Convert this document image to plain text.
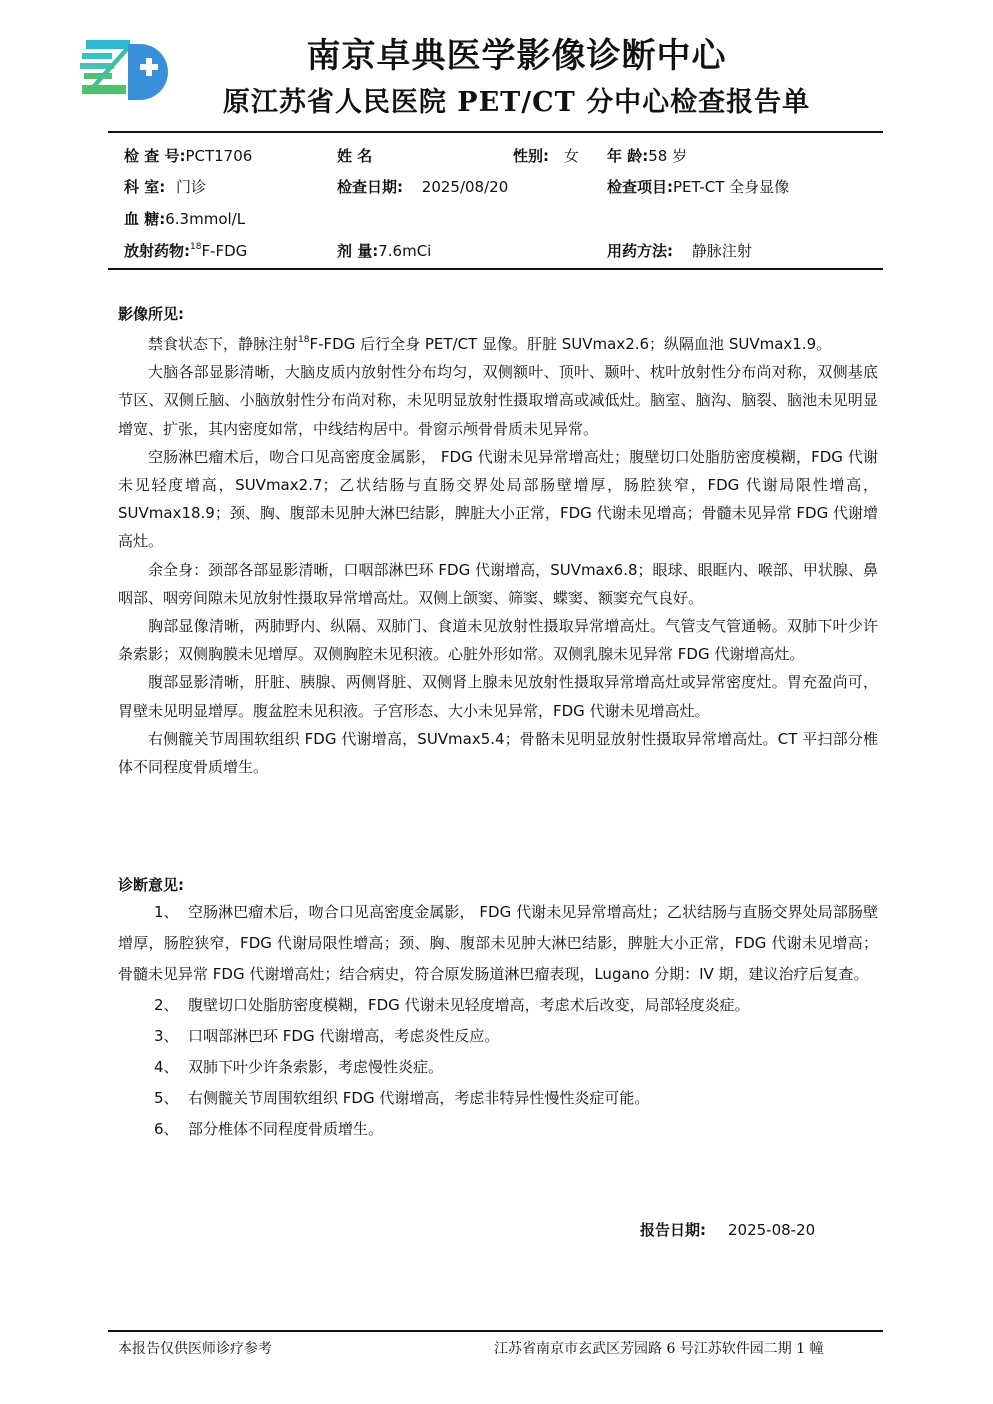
南京卓典医学影像诊断中心
原江苏省人民医院 PET/CT 分中心检查报告单
检 查 号:PCT1706	姓 名	性别: 女 年 龄:58 岁
科 室: 门诊	检查日期: 2025/08/20	检查项目:PET-CT 全身显像
血 糖:6.3mmol/L
放射药物:$^{18}$F-FDG	剂 量:7.6mCi	用药方法: 静脉注射
影像所见:

禁食状态下，静脉注射$^{18}$F-FDG 后行全身 PET/CT 显像。肝脏 SUVmax2.6；纵隔血池 SUVmax1.9。

大脑各部显影清晰，大脑皮质内放射性分布均匀，双侧额叶、顶叶、颞叶、枕叶放射性分布尚对称，双侧基底节区、双侧丘脑、小脑放射性分布尚对称，未见明显放射性摄取增高或减低灶。脑室、脑沟、脑裂、脑池未见明显增宽、扩张，其内密度如常，中线结构居中。骨窗示颅骨骨质未见异常。

空肠淋巴瘤术后，吻合口见高密度金属影， FDG 代谢未见异常增高灶；腹壁切口处脂肪密度模糊，FDG 代谢未见轻度增高，SUVmax2.7；乙状结肠与直肠交界处局部肠壁增厚，肠腔狭窄，FDG 代谢局限性增高，SUVmax18.9；颈、胸、腹部未见肿大淋巴结影，脾脏大小正常，FDG 代谢未见增高；骨髓未见异常 FDG 代谢增高灶。

余全身：颈部各部显影清晰，口咽部淋巴环 FDG 代谢增高，SUVmax6.8；眼球、眼眶内、喉部、甲状腺、鼻咽部、咽旁间隙未见放射性摄取异常增高灶。双侧上颌窦、筛窦、蝶窦、额窦充气良好。

胸部显像清晰，两肺野内、纵隔、双肺门、食道未见放射性摄取异常增高灶。气管支气管通畅。双肺下叶少许条索影；双侧胸膜未见增厚。双侧胸腔未见积液。心脏外形如常。双侧乳腺未见异常 FDG 代谢增高灶。

腹部显影清晰，肝脏、胰腺、两侧肾脏、双侧肾上腺未见放射性摄取异常增高灶或异常密度灶。胃充盈尚可，胃壁未见明显增厚。腹盆腔未见积液。子宫形态、大小未见异常，FDG 代谢未见增高灶。

右侧髋关节周围软组织 FDG 代谢增高，SUVmax5.4；骨骼未见明显放射性摄取异常增高灶。CT 平扫部分椎体不同程度骨质增生。

诊断意见:
1、 空肠淋巴瘤术后，吻合口见高密度金属影， FDG 代谢未见异常增高灶；乙状结肠与直肠交界处局部肠壁增厚，肠腔狭窄，FDG 代谢局限性增高；颈、胸、腹部未见肿大淋巴结影，脾脏大小正常，FDG 代谢未见增高；骨髓未见异常 FDG 代谢增高灶；结合病史，符合原发肠道淋巴瘤表现，Lugano 分期：IV 期，建议治疗后复查。
2、 腹壁切口处脂肪密度模糊，FDG 代谢未见轻度增高，考虑术后改变，局部轻度炎症。
3、 口咽部淋巴环 FDG 代谢增高，考虑炎性反应。
4、 双肺下叶少许条索影，考虑慢性炎症。
5、 右侧髋关节周围软组织 FDG 代谢增高，考虑非特异性慢性炎症可能。
6、 部分椎体不同程度骨质增生。
报告日期: 2025-08-20
本报告仅供医师诊疗参考	江苏省南京市玄武区芳园路 6 号江苏软件园二期 1 幢
